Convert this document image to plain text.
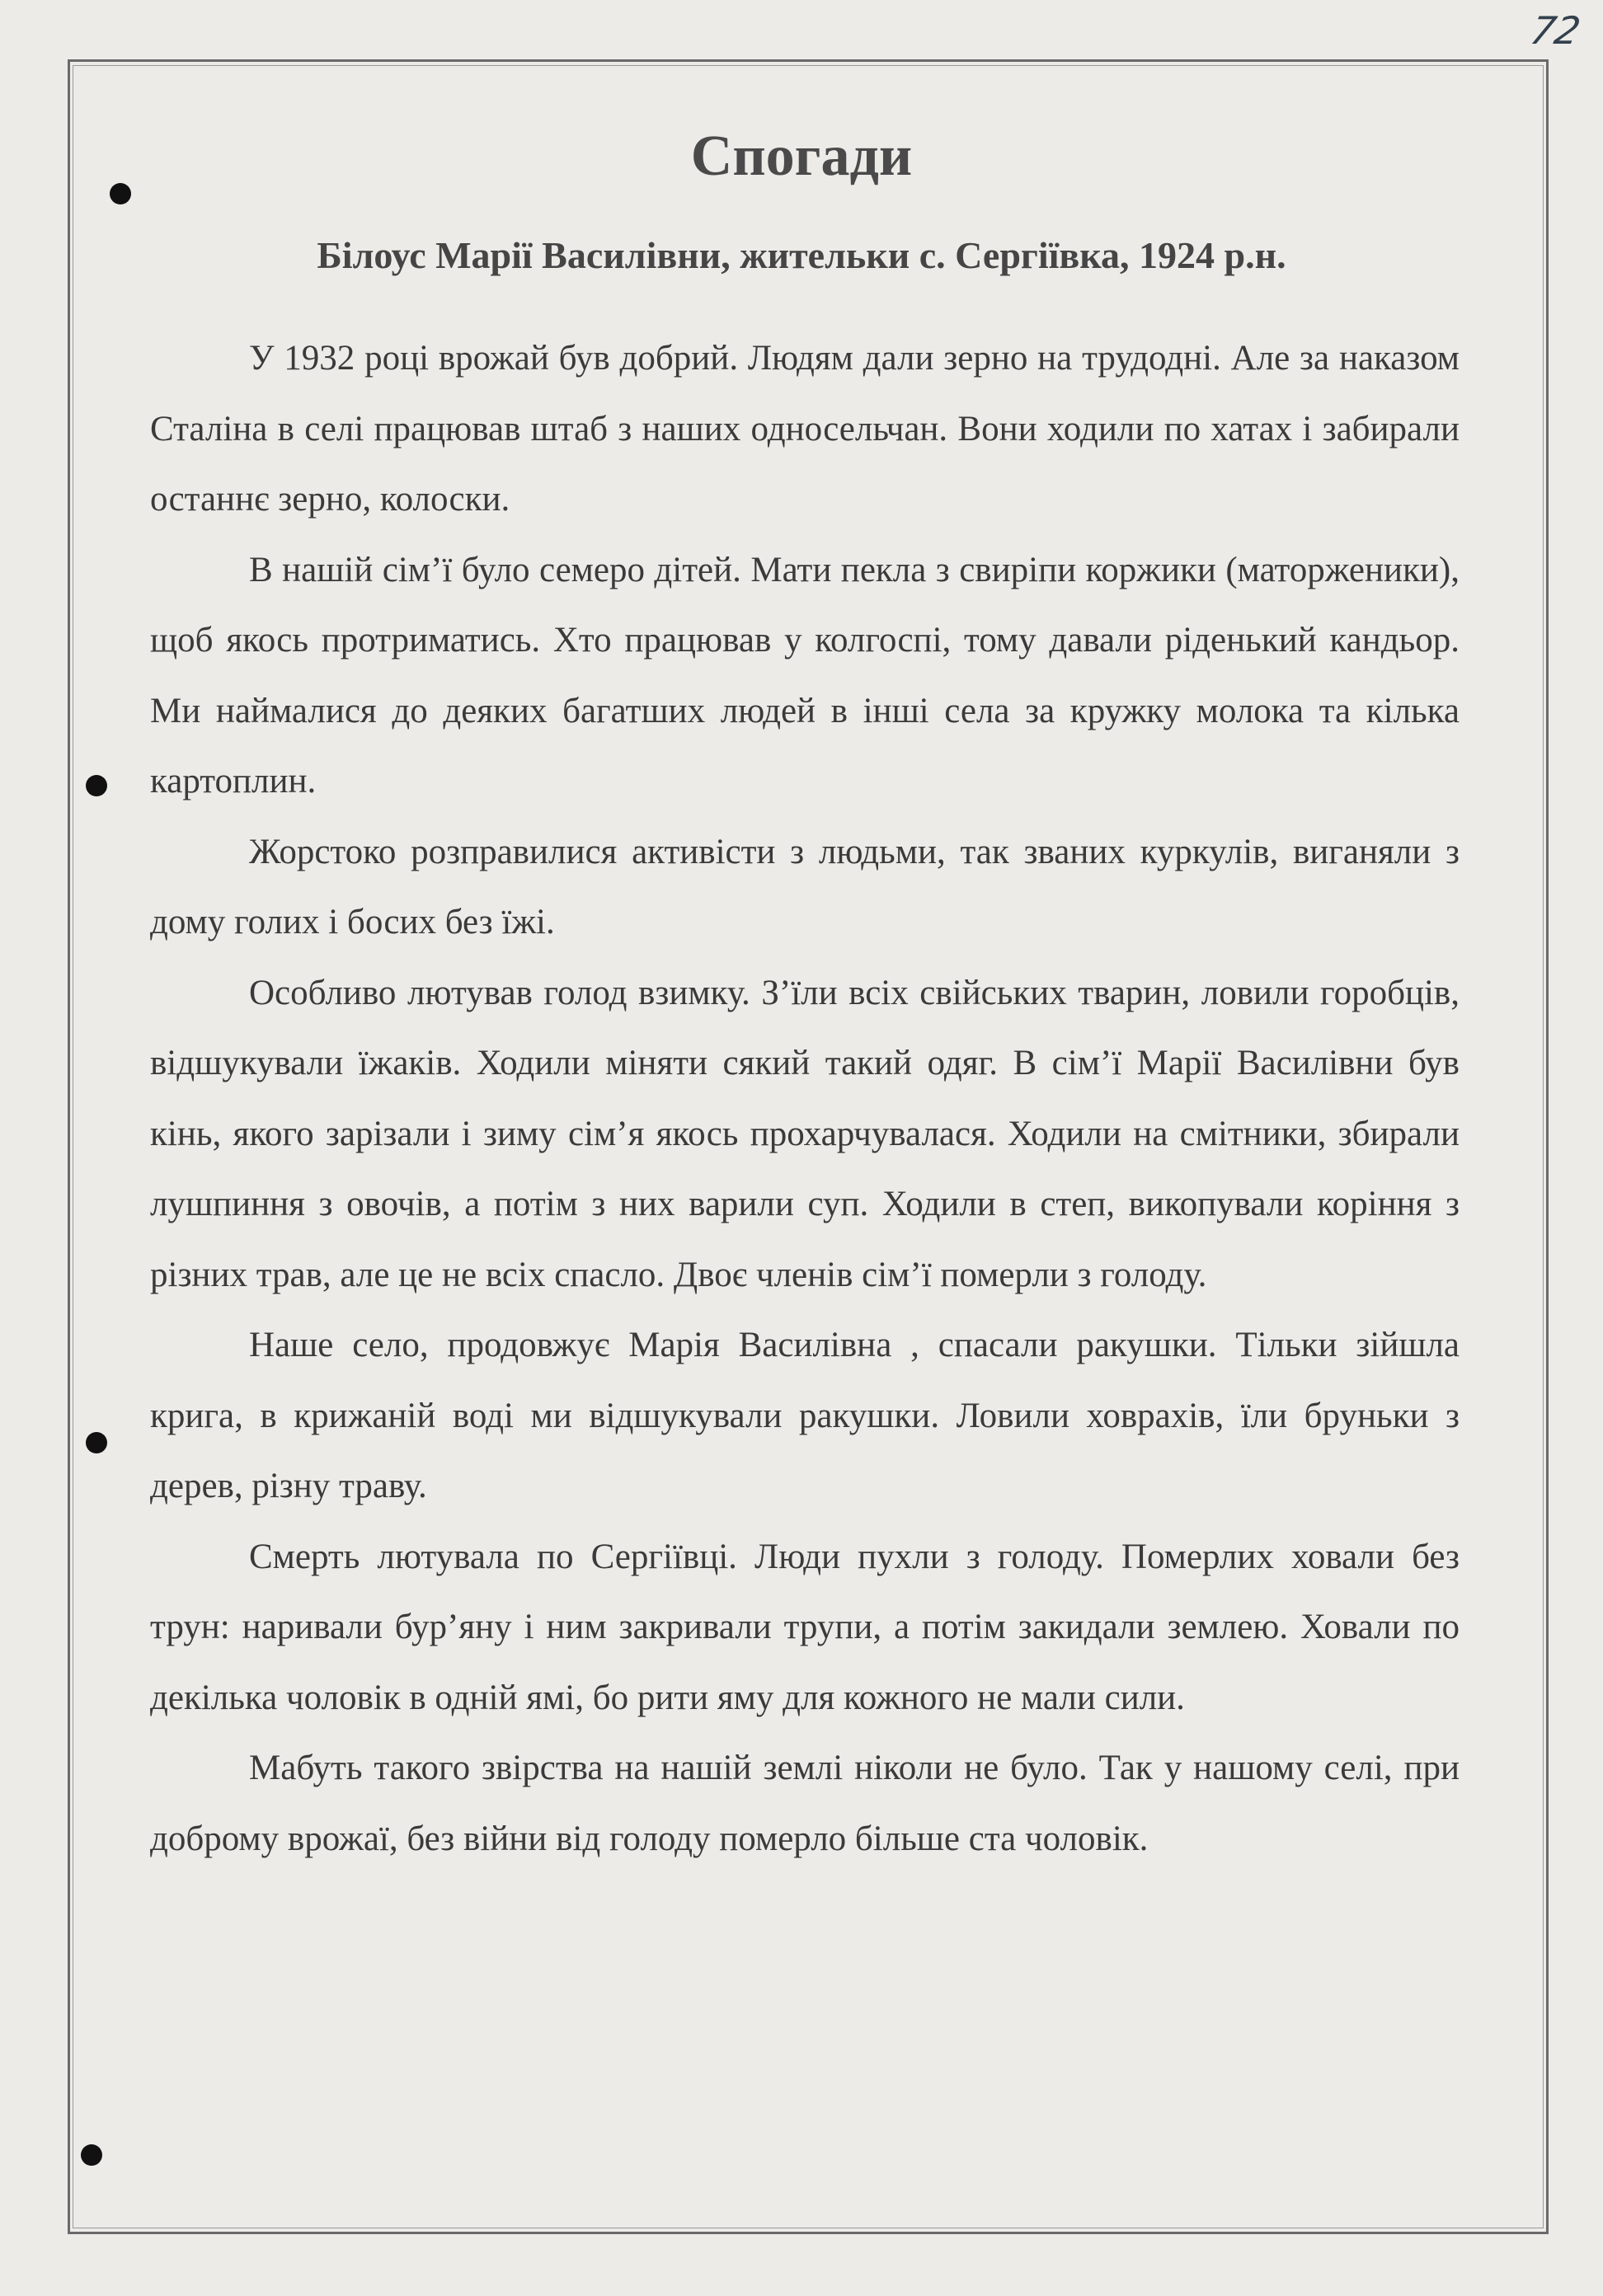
72
Спогади
Білоус Марії Василівни, жительки с. Сергіївка, 1924 р.н.

У 1932 році врожай був добрий. Людям дали зерно на трудодні. Але за наказом Сталіна в селі працював штаб з наших односельчан. Вони ходили по хатах і забирали останнє зерно, колоски.

В нашій сім’ї було семеро дітей. Мати пекла з свиріпи коржики (маторженики), щоб якось протриматись. Хто працював у колгоспі, тому давали ріденький кандьор. Ми наймалися до деяких багатших людей в інші села за кружку молока та кілька картоплин.

Жорстоко розправилися активісти з людьми, так званих куркулів, виганяли з дому голих і босих без їжі.

Особливо лютував голод взимку. З’їли всіх свійських тварин, ловили горобців, відшукували їжаків. Ходили міняти сякий такий одяг. В сім’ї Марії Василівни був кінь, якого зарізали і зиму сім’я якось прохарчувалася. Ходили на смітники, збирали лушпиння з овочів, а потім з них варили суп. Ходили в степ, викопували коріння з різних трав, але це не всіх спасло. Двоє членів сім’ї померли з голоду.

Наше село, продовжує Марія Василівна , спасали ракушки. Тільки зійшла крига, в крижаній воді ми відшукували ракушки. Ловили ховрахів, їли бруньки з дерев, різну траву.

Смерть лютувала по Сергіївці. Люди пухли з голоду. Померлих ховали без трун: наривали бур’яну і ним закривали трупи, а потім закидали землею. Ховали по декілька чоловік в одній ямі, бо рити яму для кожного не мали сили.

Мабуть такого звірства на нашій землі ніколи не було. Так у нашому селі, при доброму врожаї, без війни від голоду померло більше ста чоловік.
